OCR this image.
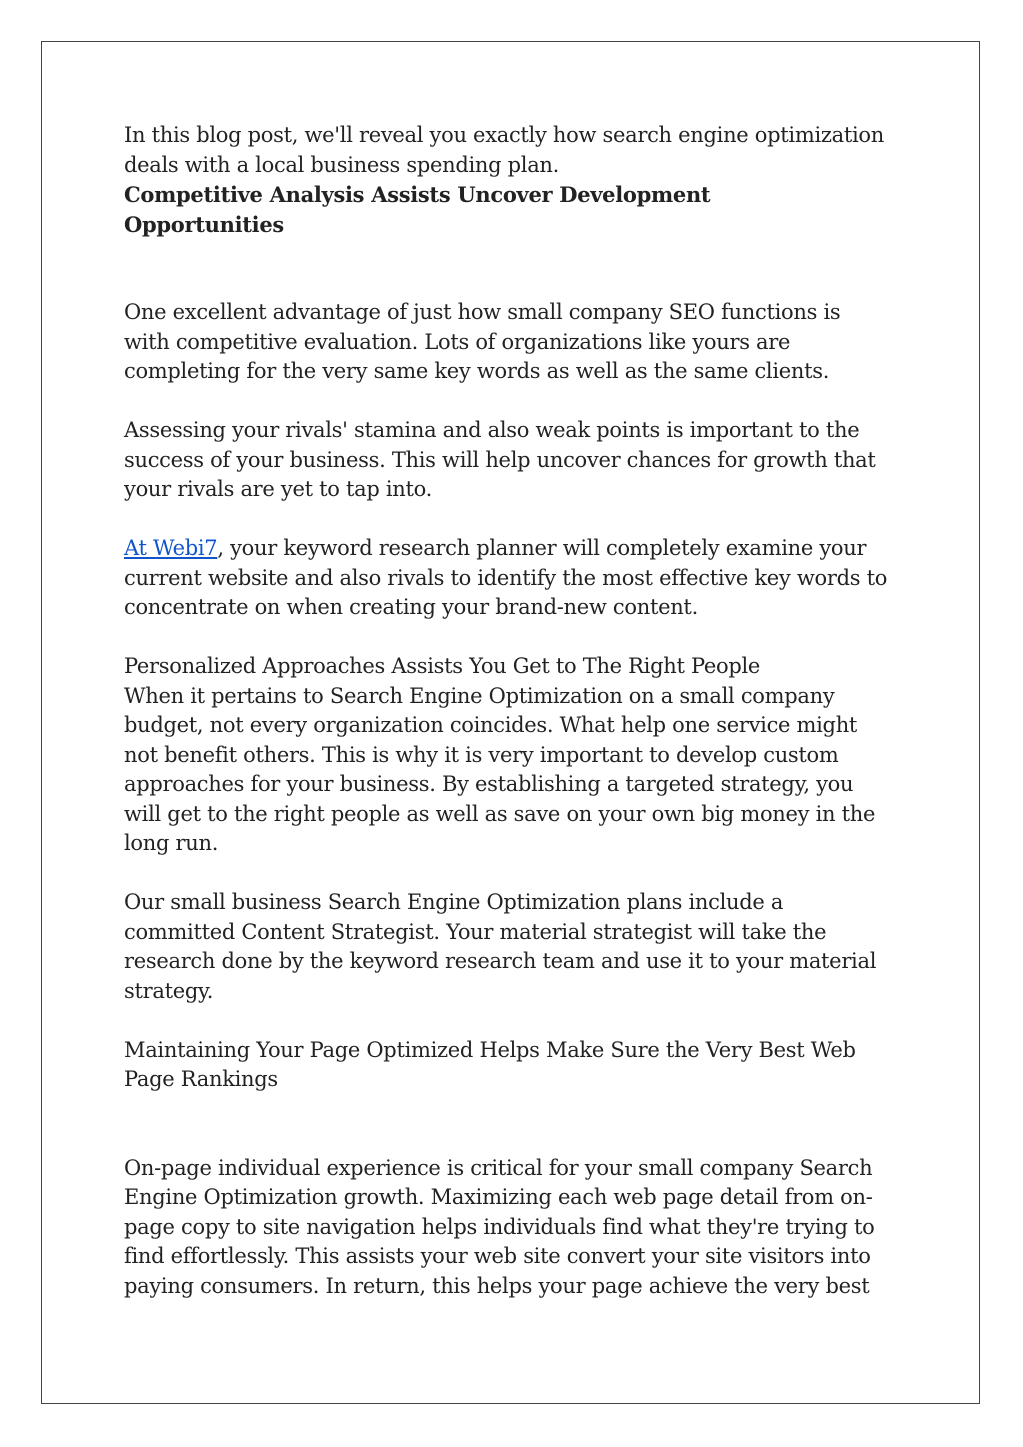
In this blog post, we'll reveal you exactly how search engine optimization
deals with a local business spending plan.

Competitive Analysis Assists Uncover Development
Opportunities

One excellent advantage of just how small company SEO functions is
with competitive evaluation. Lots of organizations like yours are
completing for the very same key words as well as the same clients.

Assessing your rivals' stamina and also weak points is important to the
success of your business. This will help uncover chances for growth that
your rivals are yet to tap into.

At Webi7, your keyword research planner will completely examine your
current website and also rivals to identify the most effective key words to
concentrate on when creating your brand-new content.

Personalized Approaches Assists You Get to The Right People
When it pertains to Search Engine Optimization on a small company
budget, not every organization coincides. What help one service might
not benefit others. This is why it is very important to develop custom
approaches for your business. By establishing a targeted strategy, you
will get to the right people as well as save on your own big money in the
long run.

Our small business Search Engine Optimization plans include a
committed Content Strategist. Your material strategist will take the
research done by the keyword research team and use it to your material
strategy.

Maintaining Your Page Optimized Helps Make Sure the Very Best Web
Page Rankings

On-page individual experience is critical for your small company Search
Engine Optimization growth. Maximizing each web page detail from on-
page copy to site navigation helps individuals find what they're trying to
find effortlessly. This assists your web site convert your site visitors into
paying consumers. In return, this helps your page achieve the very best
